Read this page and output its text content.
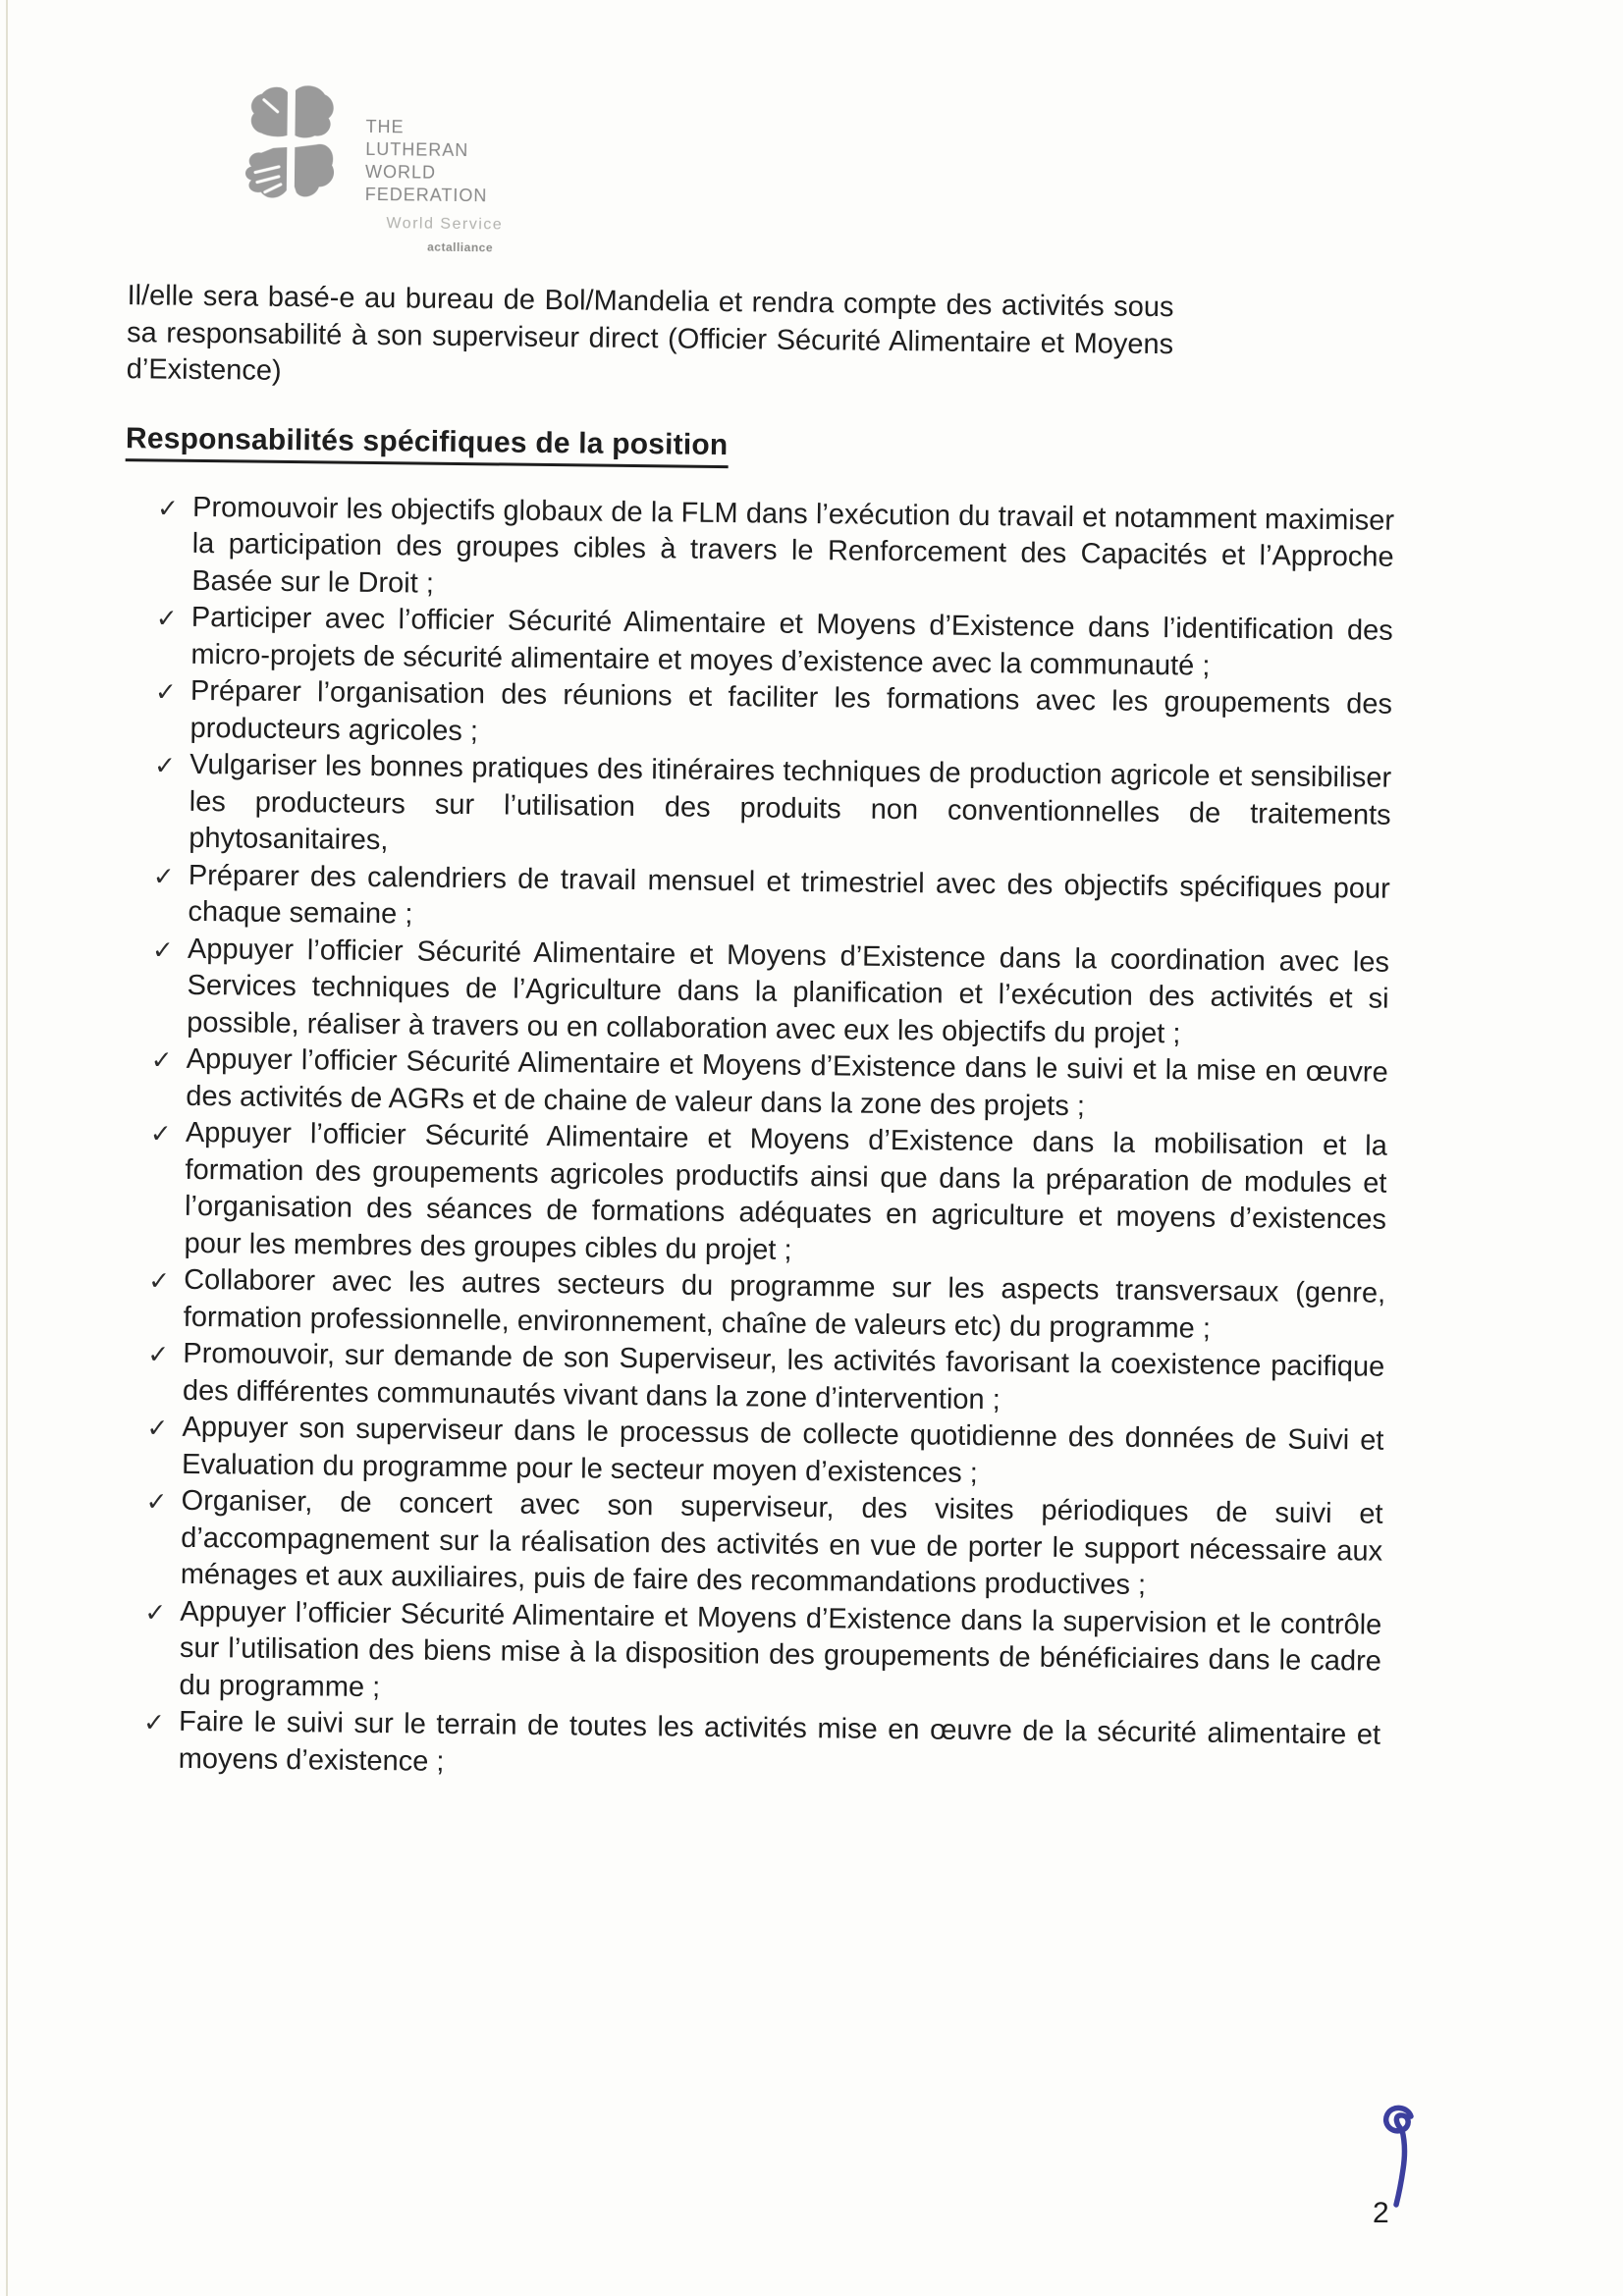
THE
LUTHERAN
WORLD
FEDERATION
World Service
actalliance

Il/elle sera basé-e au bureau de Bol/Mandelia et rendra compte des activités sous sa responsabilité à son superviseur direct (Officier Sécurité Alimentaire et Moyens d’Existence)

Responsabilités spécifiques de la position
✓ Promouvoir les objectifs globaux de la FLM dans l’exécution du travail et notamment maximiser la participation des groupes cibles à travers le Renforcement des Capacités et l’Approche Basée sur le Droit ;
✓ Participer avec l’officier Sécurité Alimentaire et Moyens d’Existence dans l’identification des micro-projets de sécurité alimentaire et moyes d’existence avec la communauté ;
✓ Préparer l’organisation des réunions et faciliter les formations avec les groupements des producteurs agricoles ;
✓ Vulgariser les bonnes pratiques des itinéraires techniques de production agricole et sensibiliser les producteurs sur l’utilisation des produits non conventionnelles de traitements phytosanitaires,
✓ Préparer des calendriers de travail mensuel et trimestriel avec des objectifs spécifiques pour chaque semaine ;
✓ Appuyer l’officier Sécurité Alimentaire et Moyens d’Existence dans la coordination avec les Services techniques de l’Agriculture dans la planification et l’exécution des activités et si possible, réaliser à travers ou en collaboration avec eux les objectifs du projet ;
✓ Appuyer l’officier Sécurité Alimentaire et Moyens d’Existence dans le suivi et la mise en œuvre des activités de AGRs et de chaine de valeur dans la zone des projets ;
✓ Appuyer l’officier Sécurité Alimentaire et Moyens d’Existence dans la mobilisation et la formation des groupements agricoles productifs ainsi que dans la préparation de modules et l’organisation des séances de formations adéquates en agriculture et moyens d’existences pour les membres des groupes cibles du projet ;
✓ Collaborer avec les autres secteurs du programme sur les aspects transversaux (genre, formation professionnelle, environnement, chaîne de valeurs etc) du programme ;
✓ Promouvoir, sur demande de son Superviseur, les activités favorisant la coexistence pacifique des différentes communautés vivant dans la zone d’intervention ;
✓ Appuyer son superviseur dans le processus de collecte quotidienne des données de Suivi et Evaluation du programme pour le secteur moyen d’existences ;
✓ Organiser, de concert avec son superviseur, des visites périodiques de suivi et d’accompagnement sur la réalisation des activités en vue de porter le support nécessaire aux ménages et aux auxiliaires, puis de faire des recommandations productives ;
✓ Appuyer l’officier Sécurité Alimentaire et Moyens d’Existence dans la supervision et le contrôle sur l’utilisation des biens mise à la disposition des groupements de bénéficiaires dans le cadre du programme ;
✓ Faire le suivi sur le terrain de toutes les activités mise en œuvre de la sécurité alimentaire et moyens d’existence ;
2
